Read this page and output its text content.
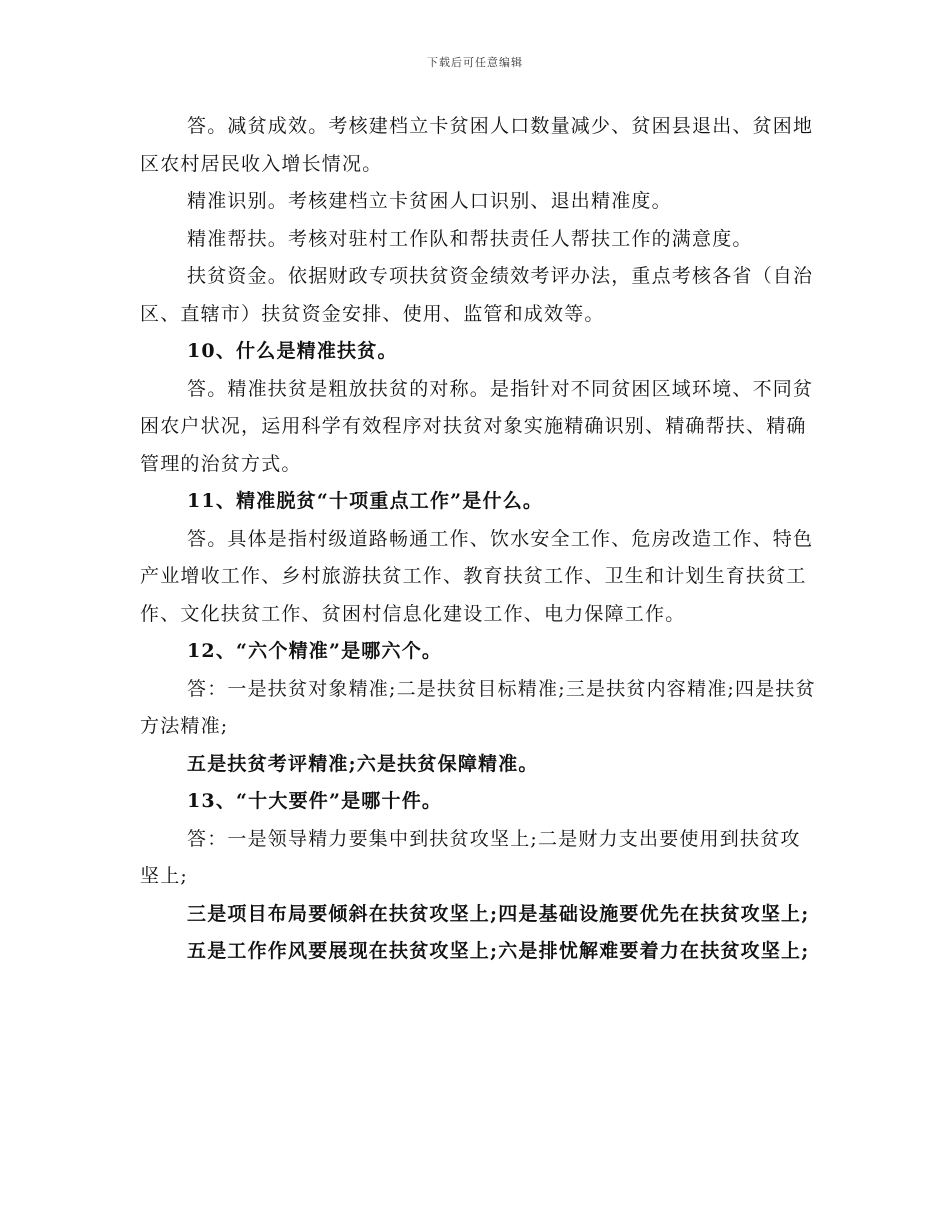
下载后可任意编辑

答。减贫成效。考核建档立卡贫困人口数量减少、贫困县退出、贫困地区农村居民收入增长情况。

精准识别。考核建档立卡贫困人口识别、退出精准度。

精准帮扶。考核对驻村工作队和帮扶责任人帮扶工作的满意度。

扶贫资金。依据财政专项扶贫资金绩效考评办法，重点考核各省（自治区、直辖市）扶贫资金安排、使用、监管和成效等。

10、什么是精准扶贫。

答。精准扶贫是粗放扶贫的对称。是指针对不同贫困区域环境、不同贫困农户状况，运用科学有效程序对扶贫对象实施精确识别、精确帮扶、精确管理的治贫方式。

11、精准脱贫“十项重点工作”是什么。

答。具体是指村级道路畅通工作、饮水安全工作、危房改造工作、特色产业增收工作、乡村旅游扶贫工作、教育扶贫工作、卫生和计划生育扶贫工作、文化扶贫工作、贫困村信息化建设工作、电力保障工作。

12、“六个精准”是哪六个。

答：一是扶贫对象精准;二是扶贫目标精准;三是扶贫内容精准;四是扶贫方法精准;

五是扶贫考评精准;六是扶贫保障精准。

13、“十大要件”是哪十件。

答：一是领导精力要集中到扶贫攻坚上;二是财力支出要使用到扶贫攻坚上;

三是项目布局要倾斜在扶贫攻坚上;四是基础设施要优先在扶贫攻坚上;

五是工作作风要展现在扶贫攻坚上;六是排忧解难要着力在扶贫攻坚上;
